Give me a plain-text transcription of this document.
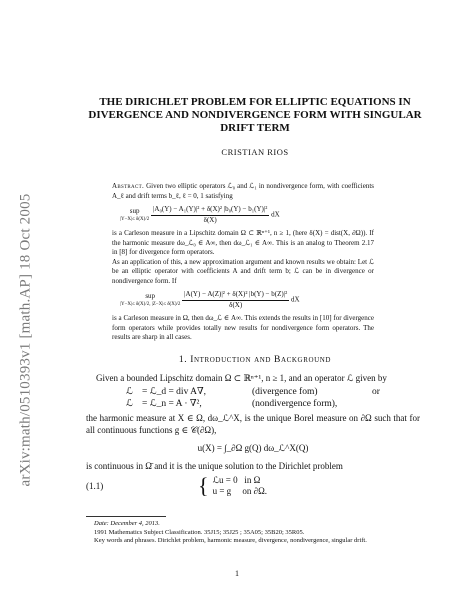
arXiv:math/0510393v1 [math.AP] 18 Oct 2005
THE DIRICHLET PROBLEM FOR ELLIPTIC EQUATIONS IN
DIVERGENCE AND NONDIVERGENCE FORM WITH SINGULAR
DRIFT TERM
CRISTIAN RIOS
Abstract. Given two elliptic operators ℒ₀ and ℒ₁ in nondivergence form, with coefficients A_ℓ and drift terms b_ℓ, ℓ = 0, 1 satisfying
sup
|Y−X|≤ δ(X)/2
$\frac{\text{|A₀(Y) − A₁(Y)|² + δ(X)² |b₀(Y) − b₁(Y)|²}}{\delta(X)}$ dX
is a Carleson measure in a Lipschitz domain Ω ⊂ ℝⁿ⁺¹, n ≥ 1, (here δ(X) = dist(X, ∂Ω)). If the harmonic measure dω_ℒ₀ ∈ A∞, then dω_ℒ₁ ∈ A∞. This is an analog to Theorem 2.17 in [8] for divergence form operators.
As an application of this, a new approximation argument and known results we obtain: Let ℒ be an elliptic operator with coefficients A and drift term b; ℒ can be in divergence or nondivergence form. If
sup
|Y−X|≤ δ(X)/2, |Z−X|≤ δ(X)/2
$\frac{\text{|A(Y) − A(Z)|² + δ(X)² |b(Y) − b(Z)|²}}{\delta(X)}$ dX
is a Carleson measure in Ω, then dω_ℒ ∈ A∞. This extends the results in [10] for divergence form operators while provides totally new results for nondivergence form operators. The results are sharp in all cases.
1. Introduction and Background
Given a bounded Lipschitz domain Ω ⊂ ℝⁿ⁺¹, n ≥ 1, and an operator ℒ given by
ℒ = ℒ_d = div A∇,	(divergence fom)	or
ℒ = ℒ_n = A · ∇²,	(nondivergence form),
the harmonic measure at X ∈ Ω, dω_ℒ^X, is the unique Borel measure on ∂Ω such that for all continuous functions g ∈ 𝒞(∂Ω),
u(X) = ∫_∂Ω g(Q) dω_ℒ^X(Q)
is continuous in Ω̄ and it is the unique solution to the Dirichlet problem
(1.1)	{ ℒu = 0   in Ω
u = g     on ∂Ω.
Date: December 4, 2013.
1991 Mathematics Subject Classification. 35J15; 35J25 ; 35A05; 35B20; 35R05.
Key words and phrases. Dirichlet problem, harmonic measure, divergence, nondivergence, singular drift.
1
